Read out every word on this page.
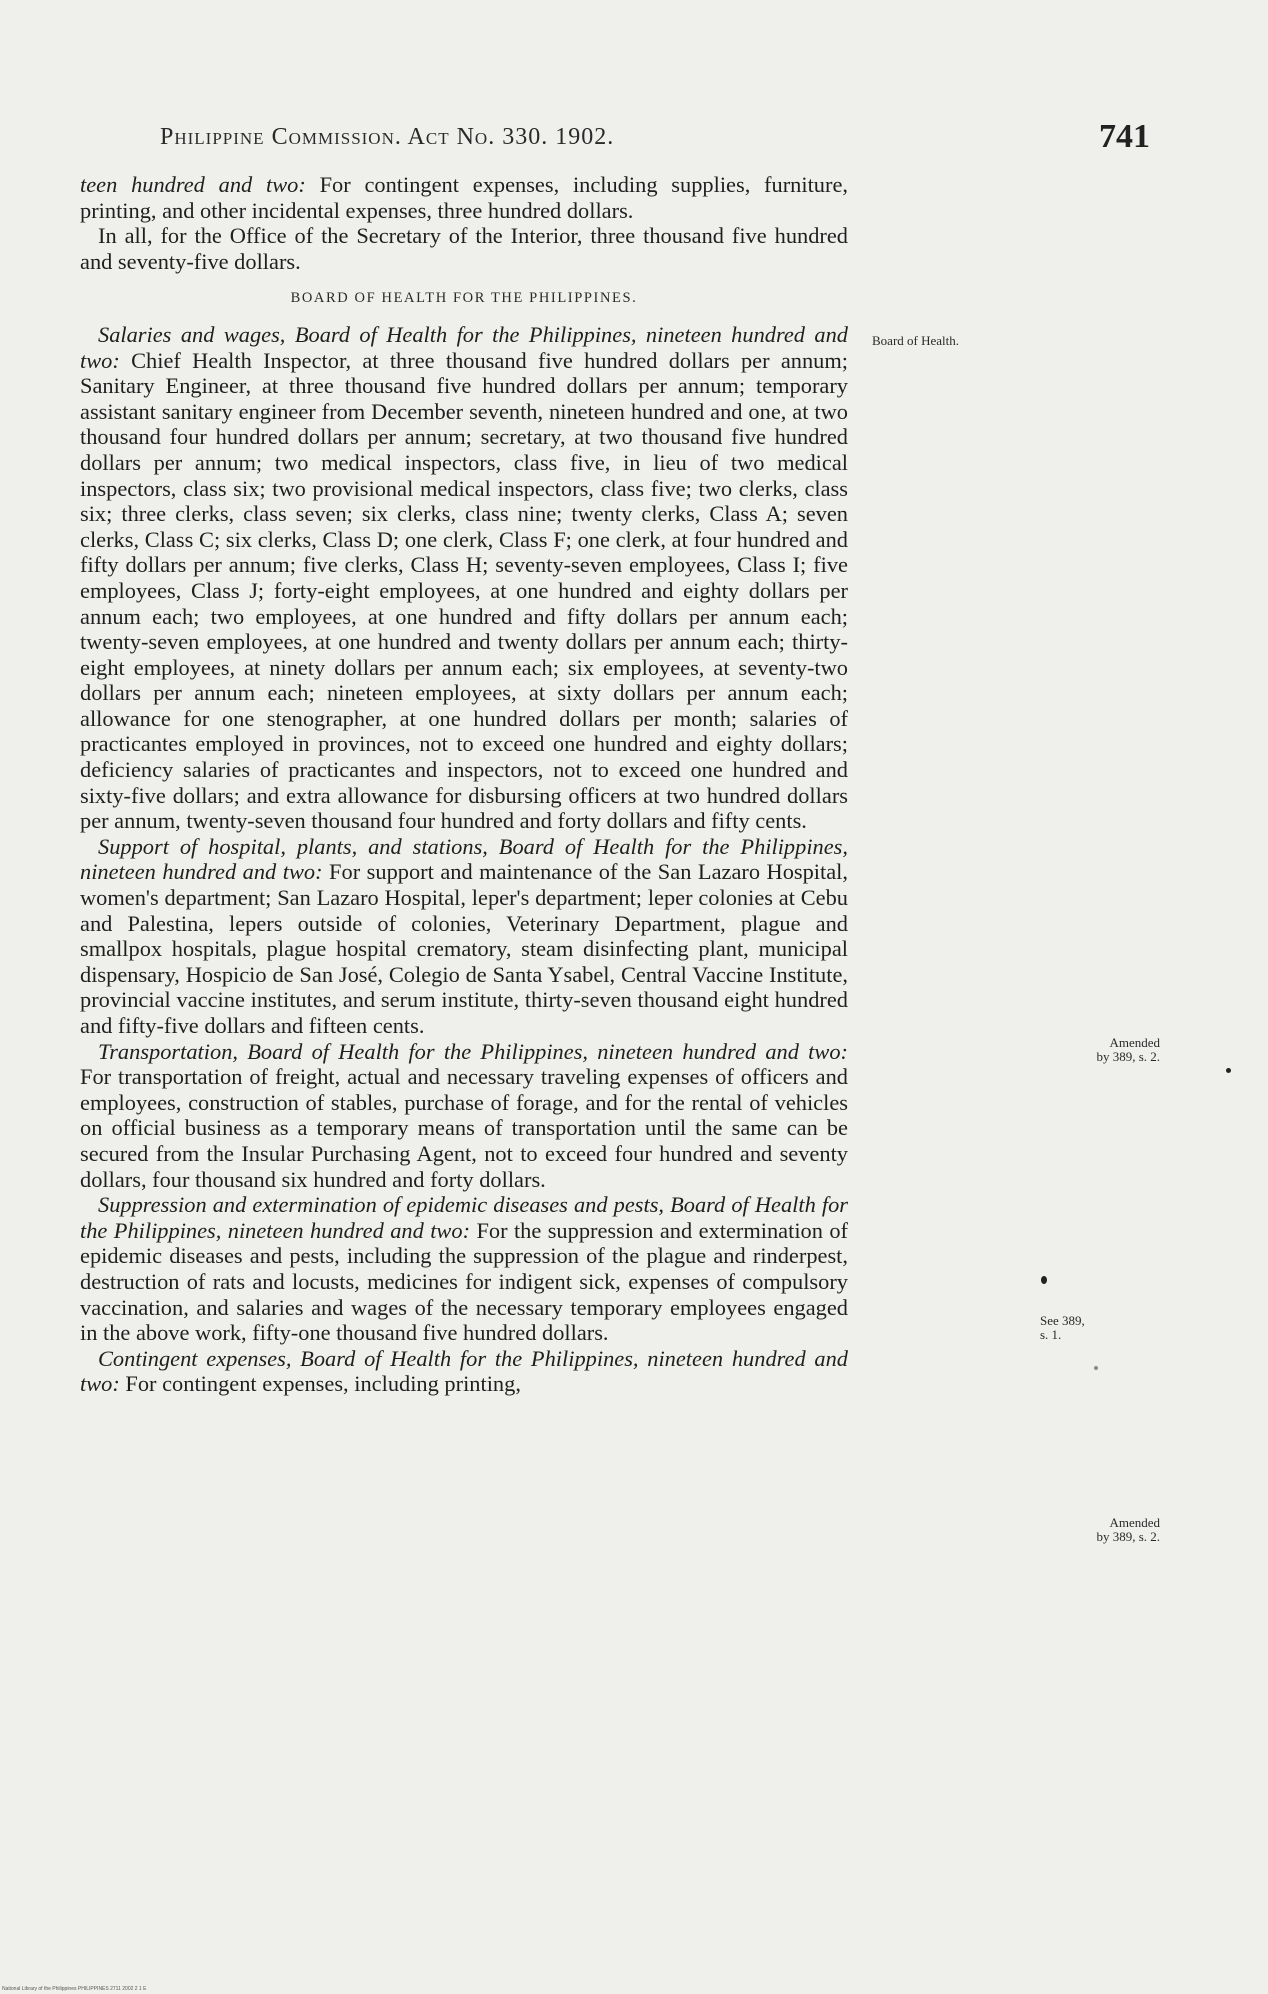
Philippine Commission. Act No. 330. 1902.	741

teen hundred and two: For contingent expenses, including supplies, furniture, printing, and other incidental expenses, three hundred dollars.

In all, for the Office of the Secretary of the Interior, three thousand five hundred and seventy-five dollars.

BOARD OF HEALTH FOR THE PHILIPPINES.

Salaries and wages, Board of Health for the Philippines, nineteen hundred and two: Chief Health Inspector, at three thousand five hundred dollars per annum; Sanitary Engineer, at three thousand five hundred dollars per annum; temporary assistant sanitary engineer from December seventh, nineteen hundred and one, at two thousand four hundred dollars per annum; secretary, at two thousand five hundred dollars per annum; two medical inspectors, class five, in lieu of two medical inspectors, class six; two provisional medical inspectors, class five; two clerks, class six; three clerks, class seven; six clerks, class nine; twenty clerks, Class A; seven clerks, Class C; six clerks, Class D; one clerk, Class F; one clerk, at four hundred and fifty dollars per annum; five clerks, Class H; seventy-seven employees, Class I; five employees, Class J; forty-eight employees, at one hundred and eighty dollars per annum each; two employees, at one hundred and fifty dollars per annum each; twenty-seven employees, at one hundred and twenty dollars per annum each; thirty-eight employees, at ninety dollars per annum each; six employees, at seventy-two dollars per annum each; nineteen employees, at sixty dollars per annum each; allowance for one stenographer, at one hundred dollars per month; salaries of practicantes employed in provinces, not to exceed one hundred and eighty dollars; deficiency salaries of practicantes and inspectors, not to exceed one hundred and sixty-five dollars; and extra allowance for disbursing officers at two hundred dollars per annum, twenty-seven thousand four hundred and forty dollars and fifty cents.

Support of hospital, plants, and stations, Board of Health for the Philippines, nineteen hundred and two: For support and maintenance of the San Lazaro Hospital, women's department; San Lazaro Hospital, leper's department; leper colonies at Cebu and Palestina, lepers outside of colonies, Veterinary Department, plague and smallpox hospitals, plague hospital crematory, steam disinfecting plant, municipal dispensary, Hospicio de San José, Colegio de Santa Ysabel, Central Vaccine Institute, provincial vaccine institutes, and serum institute, thirty-seven thousand eight hundred and fifty-five dollars and fifteen cents.

Transportation, Board of Health for the Philippines, nineteen hundred and two: For transportation of freight, actual and necessary traveling expenses of officers and employees, construction of stables, purchase of forage, and for the rental of vehicles on official business as a temporary means of transportation until the same can be secured from the Insular Purchasing Agent, not to exceed four hundred and seventy dollars, four thousand six hundred and forty dollars.

Suppression and extermination of epidemic diseases and pests, Board of Health for the Philippines, nineteen hundred and two: For the suppression and extermination of epidemic diseases and pests, including the suppression of the plague and rinderpest, destruction of rats and locusts, medicines for indigent sick, expenses of compulsory vaccination, and salaries and wages of the necessary temporary employees engaged in the above work, fifty-one thousand five hundred dollars.

Contingent expenses, Board of Health for the Philippines, nineteen hundred and two: For contingent expenses, including printing,

Board of Health.
Amended
by 389, s. 2.
See 389,
s. 1.
Amended
by 389, s. 2.
National Library of the Philippines PHILIPPINES 2711 2002 2 1 E
